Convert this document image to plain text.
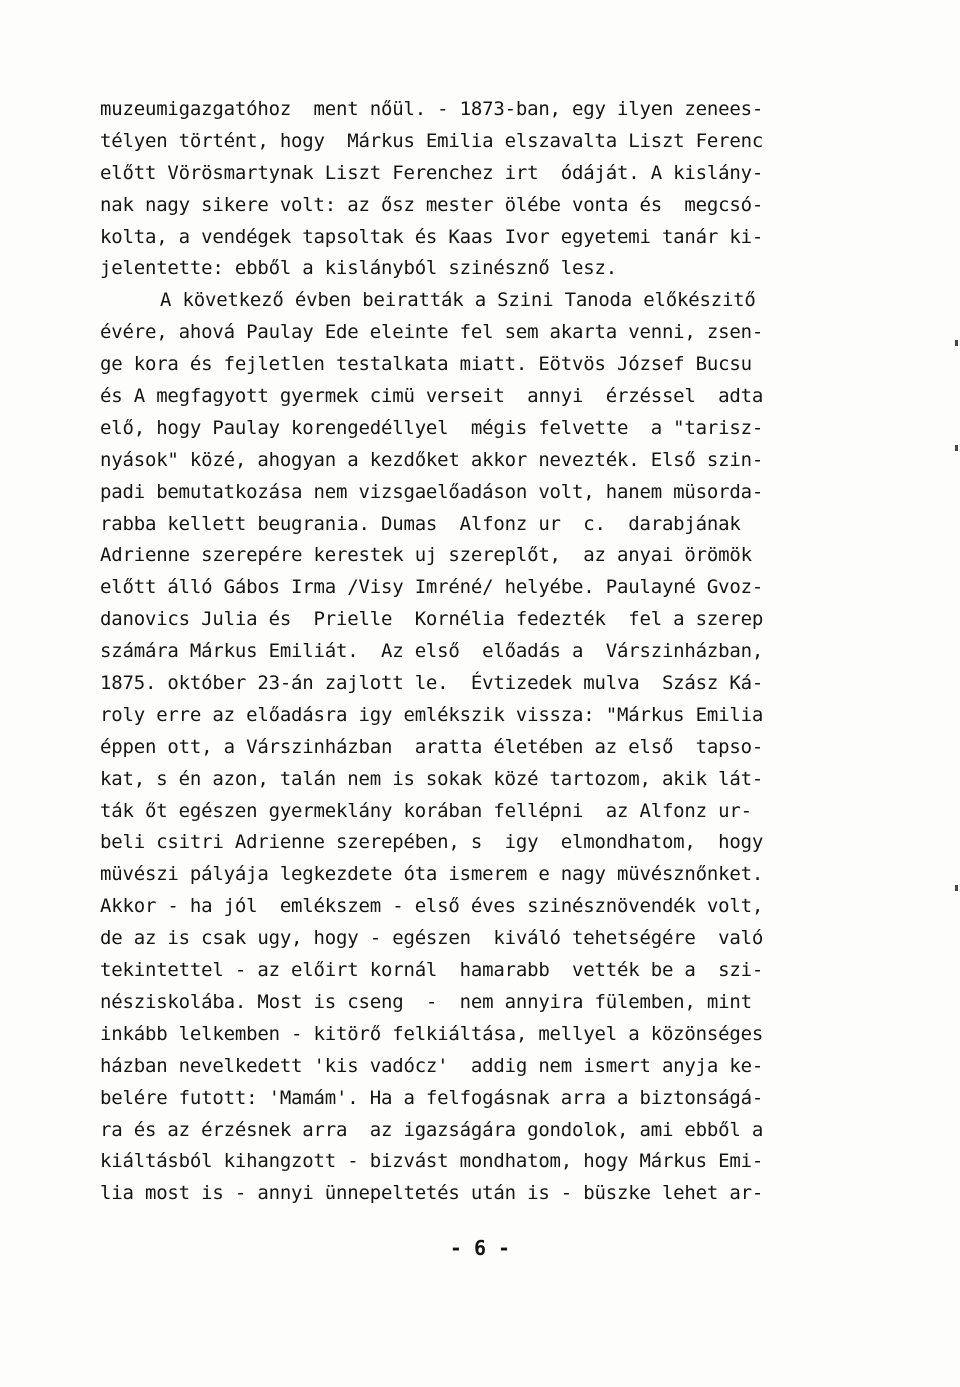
muzeumigazgatóhoz  ment nőül. - 1873-ban, egy ilyen zenees-
télyen történt, hogy  Márkus Emilia elszavalta Liszt Ferenc
előtt Vörösmartynak Liszt Ferenchez irt  ódáját. A kislány-
nak nagy sikere volt: az ősz mester ölébe vonta és  megcsó-
kolta, a vendégek tapsoltak és Kaas Ivor egyetemi tanár ki-
jelentette: ebből a kislányból szinésznő lesz.
A következő évben beiratták a Szini Tanoda előkészitő
évére, ahová Paulay Ede eleinte fel sem akarta venni, zsen-
ge kora és fejletlen testalkata miatt. Eötvös József Bucsu
és A megfagyott gyermek cimü verseit  annyi  érzéssel  adta
elő, hogy Paulay korengedéllyel  mégis felvette  a "tarisz-
nyások" közé, ahogyan a kezdőket akkor nevezték. Első szin-
padi bemutatkozása nem vizsgaelőadáson volt, hanem müsorda-
rabba kellett beugrania. Dumas  Alfonz ur  c.  darabjának
Adrienne szerepére kerestek uj szereplőt,  az anyai örömök
előtt álló Gábos Irma /Visy Imréné/ helyébe. Paulayné Gvoz-
danovics Julia és  Prielle  Kornélia fedezték  fel a szerep
számára Márkus Emiliát.  Az első  előadás a  Várszinházban,
1875. október 23-án zajlott le.  Évtizedek mulva  Szász Ká-
roly erre az előadásra igy emlékszik vissza: "Márkus Emilia
éppen ott, a Várszinházban  aratta életében az első  tapso-
kat, s én azon, talán nem is sokak közé tartozom, akik lát-
ták őt egészen gyermeklány korában fellépni  az Alfonz ur-
beli csitri Adrienne szerepében, s  igy  elmondhatom,  hogy
müvészi pályája legkezdete óta ismerem e nagy müvésznőnket.
Akkor - ha jól  emlékszem - első éves szinésznövendék volt,
de az is csak ugy, hogy - egészen  kiváló tehetségére  való
tekintettel - az előirt kornál  hamarabb  vették be a  szi-
nésziskolába. Most is cseng  -  nem annyira fülemben, mint
inkább lelkemben - kitörő felkiáltása, mellyel a közönséges
házban nevelkedett 'kis vadócz'  addig nem ismert anyja ke-
belére futott: 'Mamám'. Ha a felfogásnak arra a biztonságá-
ra és az érzésnek arra  az igazságára gondolok, ami ebből a
kiáltásból kihangzott - bizvást mondhatom, hogy Márkus Emi-
lia most is - annyi ünnepeltetés után is - büszke lehet ar-
- 6 -
